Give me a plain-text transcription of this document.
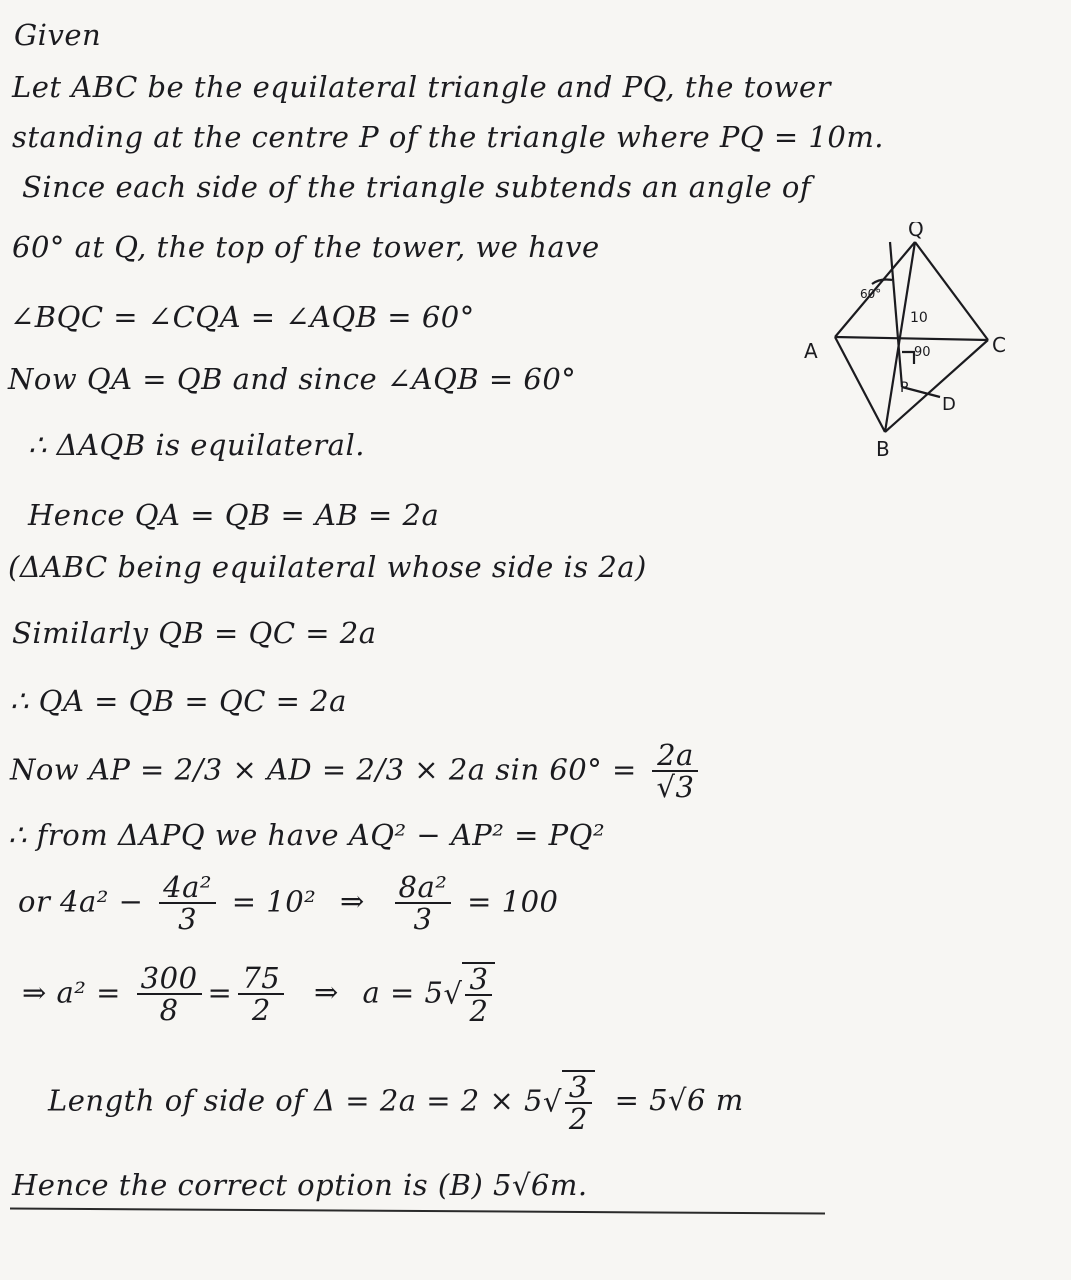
Given
Let ABC be the equilateral triangle and PQ, the tower
standing at the centre P of the triangle where PQ = 10m.
Since each side of the triangle subtends an angle of
60° at Q, the top of the tower, we have
∠BQC = ∠CQA = ∠AQB = 60°
Now QA = QB and since ∠AQB = 60°
∴ ΔAQB is equilateral.
Hence QA = QB = AB = 2a
(ΔABC being equilateral whose side is 2a)
Similarly QB = QC = 2a
∴ QA = QB = QC = 2a
Now AP = 2/3 × AD = 2/3 × 2a $\sin 60^\circ = \frac{2a}{√3}$
∴ from ΔAPQ we have AQ² − AP² = PQ²
or $4a^2 - \frac{\text{4a²}}{3} = 10^2$ ⇒ $\frac{\text{8a²}}{3} = 100$
⇒ $a^2 = \frac{300}{8} = \frac{75}{2}$ ⇒ $a = 5√ \frac{3}{2}$
Length of side of $\Delta = 2a = 2 \times 5√ \frac{3}{2} = 5√6$ m
Hence the correct option is (B) 5√6m.
Q
A
B
C
P
D
60°
10
90
